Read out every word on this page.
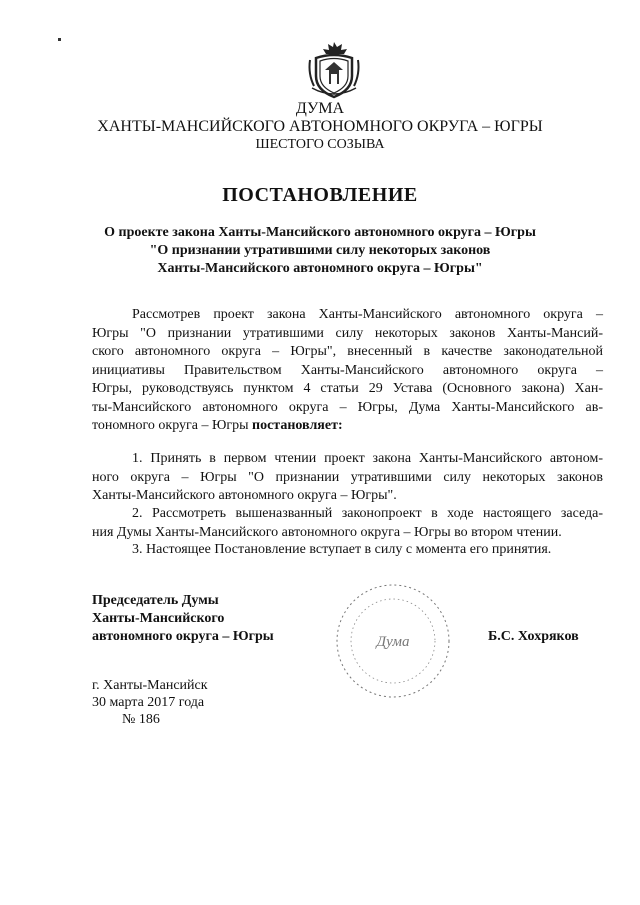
ДУМА
ХАНТЫ-МАНСИЙСКОГО АВТОНОМНОГО ОКРУГА – ЮГРЫ
ШЕСТОГО СОЗЫВА
ПОСТАНОВЛЕНИЕ
О проекте закона Ханты-Мансийского автономного округа – Югры
"О признании утратившими силу некоторых законов
Ханты-Мансийского автономного округа – Югры"
Рассмотрев проект закона Ханты-Мансийского автономного округа –
Югры "О признании утратившими силу некоторых законов Ханты-Мансий-
ского автономного округа – Югры", внесенный в качестве законодательной
инициативы Правительством Ханты-Мансийского автономного округа –
Югры, руководствуясь пунктом 4 статьи 29 Устава (Основного закона) Хан-
ты-Мансийского автономного округа – Югры, Дума Ханты-Мансийского ав-
тономного округа – Югры постановляет:
1. Принять в первом чтении проект закона Ханты-Мансийского автоном-
ного округа – Югры "О признании утратившими силу некоторых законов
Ханты-Мансийского автономного округа – Югры".
2. Рассмотреть вышеназванный законопроект в ходе настоящего заседа-
ния Думы Ханты-Мансийского автономного округа – Югры во втором чтении.
3. Настоящее Постановление вступает в силу с момента его принятия.
Председатель Думы
Ханты-Мансийского
автономного округа – Югры	Дума	Б.С. Хохряков
г. Ханты-Мансийск
30 марта 2017 года
№ 186
